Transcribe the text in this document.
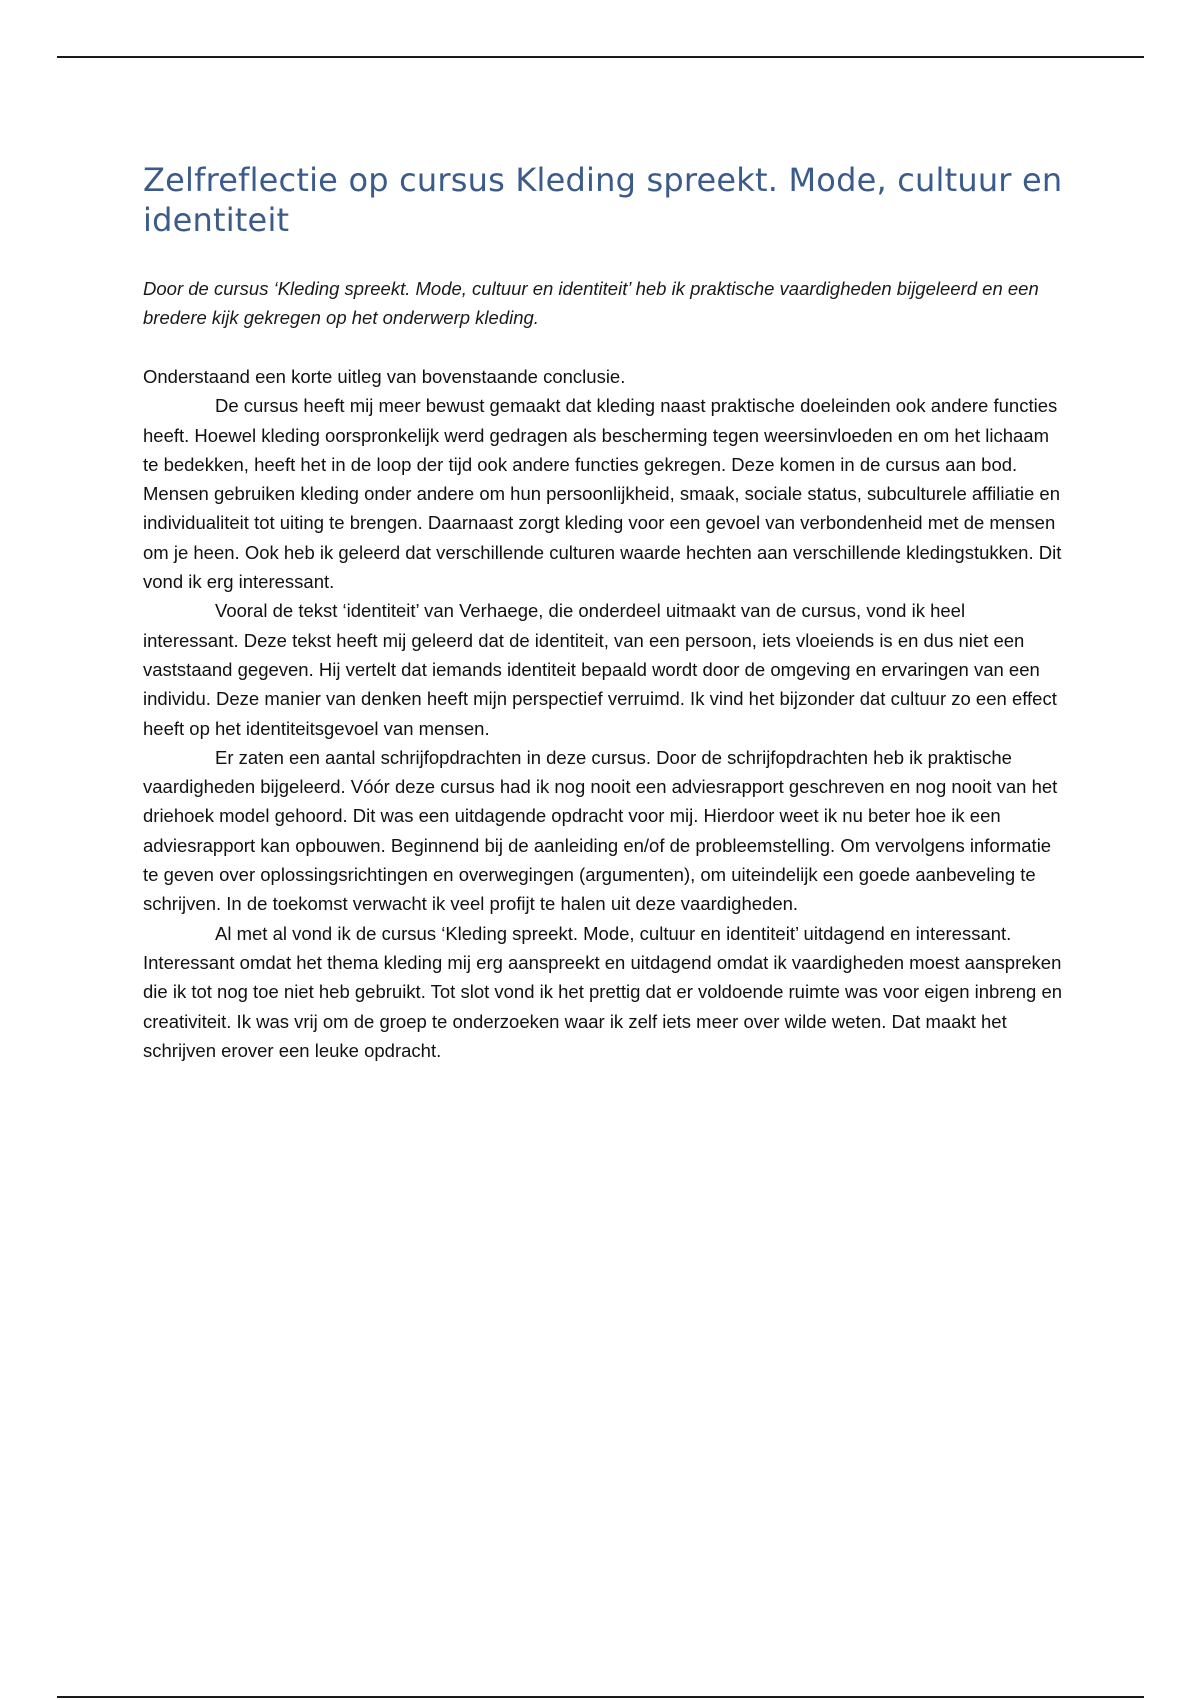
Zelfreflectie op cursus Kleding spreekt. Mode, cultuur en identiteit

Door de cursus ‘Kleding spreekt. Mode, cultuur en identiteit’ heb ik praktische vaardigheden bijgeleerd en een bredere kijk gekregen op het onderwerp kleding.

Onderstaand een korte uitleg van bovenstaande conclusie.

De cursus heeft mij meer bewust gemaakt dat kleding naast praktische doeleinden ook andere functies heeft. Hoewel kleding oorspronkelijk werd gedragen als bescherming tegen weersinvloeden en om het lichaam te bedekken, heeft het in de loop der tijd ook andere functies gekregen. Deze komen in de cursus aan bod. Mensen gebruiken kleding onder andere om hun persoonlijkheid, smaak, sociale status, subculturele affiliatie en individualiteit tot uiting te brengen. Daarnaast zorgt kleding voor een gevoel van verbondenheid met de mensen om je heen. Ook heb ik geleerd dat verschillende culturen waarde hechten aan verschillende kledingstukken. Dit vond ik erg interessant.

Vooral de tekst ‘identiteit’ van Verhaege, die onderdeel uitmaakt van de cursus, vond ik heel interessant. Deze tekst heeft mij geleerd dat de identiteit, van een persoon, iets vloeiends is en dus niet een vaststaand gegeven. Hij vertelt dat iemands identiteit bepaald wordt door de omgeving en ervaringen van een individu. Deze manier van denken heeft mijn perspectief verruimd. Ik vind het bijzonder dat cultuur zo een effect heeft op het identiteitsgevoel van mensen.

Er zaten een aantal schrijfopdrachten in deze cursus. Door de schrijfopdrachten heb ik praktische vaardigheden bijgeleerd. Vóór deze cursus had ik nog nooit een adviesrapport geschreven en nog nooit van het driehoek model gehoord. Dit was een uitdagende opdracht voor mij. Hierdoor weet ik nu beter hoe ik een adviesrapport kan opbouwen. Beginnend bij de aanleiding en/of de probleemstelling. Om vervolgens informatie te geven over oplossingsrichtingen en overwegingen (argumenten), om uiteindelijk een goede aanbeveling te schrijven. In de toekomst verwacht ik veel profijt te halen uit deze vaardigheden.

Al met al vond ik de cursus ‘Kleding spreekt. Mode, cultuur en identiteit’ uitdagend en interessant. Interessant omdat het thema kleding mij erg aanspreekt en uitdagend omdat ik vaardigheden moest aanspreken die ik tot nog toe niet heb gebruikt. Tot slot vond ik het prettig dat er voldoende ruimte was voor eigen inbreng en creativiteit. Ik was vrij om de groep te onderzoeken waar ik zelf iets meer over wilde weten. Dat maakt het schrijven erover een leuke opdracht.
